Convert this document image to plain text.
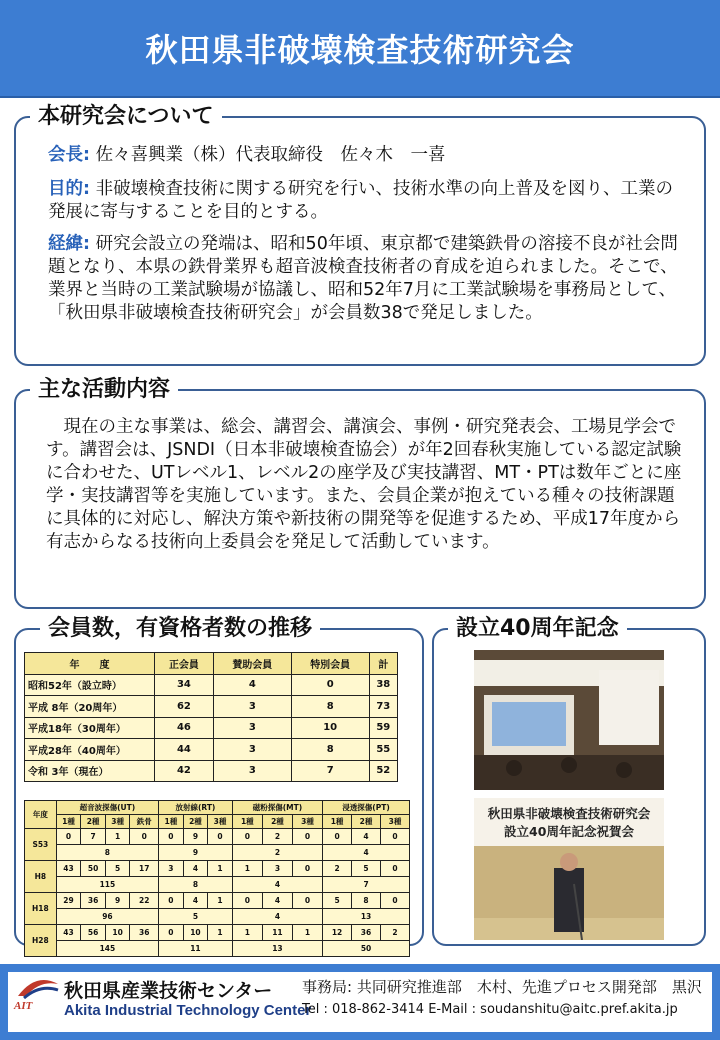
秋田県非破壊検査技術研究会
本研究会について
会長: 佐々喜興業（株）代表取締役　佐々木　一喜
目的: 非破壊検査技術に関する研究を行い、技術水準の向上普及を図り、工業の発展に寄与することを目的とする。
経緯: 研究会設立の発端は、昭和50年頃、東京都で建築鉄骨の溶接不良が社会問題となり、本県の鉄骨業界も超音波検査技術者の育成を迫られました。そこで、業界と当時の工業試験場が協議し、昭和52年7月に工業試験場を事務局として、「秋田県非破壊検査技術研究会」が会員数38で発足しました。
主な活動内容
　現在の主な事業は、総会、講習会、講演会、事例・研究発表会、工場見学会です。講習会は、JSNDI（日本非破壊検査協会）が年2回春秋実施している認定試験に合わせた、UTレベル1、レベル2の座学及び実技講習、MT・PTは数年ごとに座学・実技講習等を実施しています。また、会員企業が抱えている種々の技術課題に具体的に対応し、解決方策や新技術の開発等を促進するため、平成17年度から有志からなる技術向上委員会を発足して活動しています。
会員数，有資格者数の推移
年　　度	正会員	賛助会員	特別会員	計
昭和52年（設立時）	34	4	0	38
平成 8年（20周年）	62	3	8	73
平成18年（30周年）	46	3	10	59
平成28年（40周年）	44	3	8	55
令和 3年（現在）	42	3	7	52
年度	超音波探傷(UT)				放射線(RT)			磁粉探傷(MT)			浸透探傷(PT)		
	1種	2種	3種	鉄骨	1種	2種	3種	1種	2種	3種	1種	2種	3種
S53	0	7	1	0	0	9	0	0	2	0	0	4	0
	8				9			2			4		
H8	43	50	5	17	3	4	1	1	3	0	2	5	0
	115				8			4			7		
H18	29	36	9	22	0	4	1	0	4	0	5	8	0
	96				5			4			13		
H28	43	56	10	36	0	10	1	1	11	1	12	36	2
	145				11			13			50		
設立40周年記念
秋田県非破壊検査技術研究会
設立40周年記念祝賀会
AIT
秋田県産業技術センター
Akita Industrial Technology Center
事務局: 共同研究推進部　木村、先進プロセス開発部　黒沢
Tel : 018-862-3414 E-Mail : soudanshitu@aitc.pref.akita.jp
